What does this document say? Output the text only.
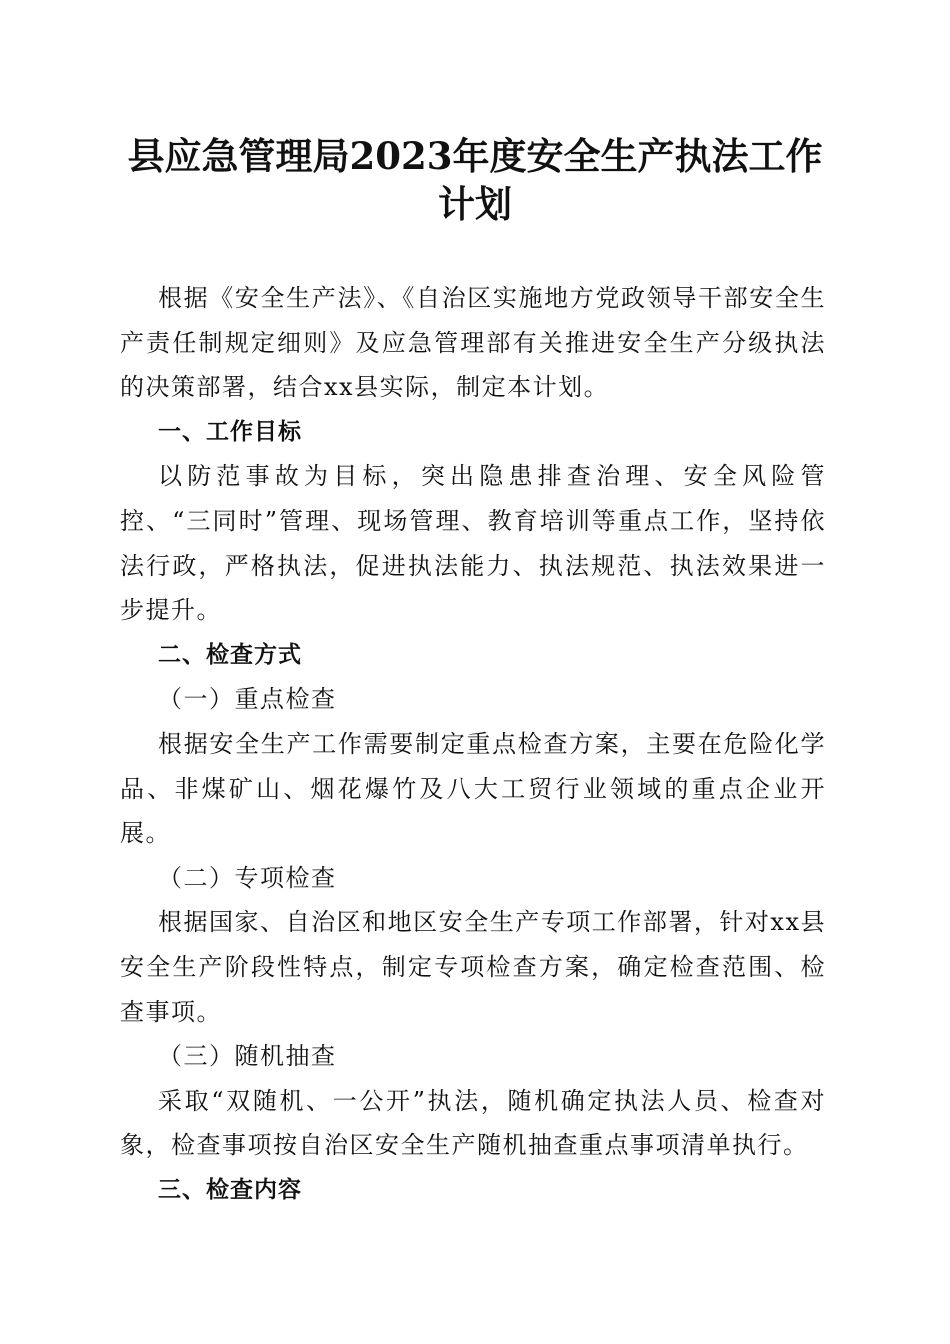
县应急管理局2023年度安全生产执法工作计划

根据《安全生产法》、《自治区实施地方党政领导干部安全生产责任制规定细则》及应急管理部有关推进安全生产分级执法的决策部署，结合xx县实际，制定本计划。

一、工作目标

以防范事故为目标，突出隐患排查治理、安全风险管控、“三同时”管理、现场管理、教育培训等重点工作，坚持依法行政，严格执法，促进执法能力、执法规范、执法效果进一步提升。

二、检查方式

（一）重点检查

根据安全生产工作需要制定重点检查方案，主要在危险化学品、非煤矿山、烟花爆竹及八大工贸行业领域的重点企业开展。

（二）专项检查

根据国家、自治区和地区安全生产专项工作部署，针对xx县安全生产阶段性特点，制定专项检查方案，确定检查范围、检查事项。

（三）随机抽查

采取“双随机、一公开”执法，随机确定执法人员、检查对象，检查事项按自治区安全生产随机抽查重点事项清单执行。

三、检查内容
